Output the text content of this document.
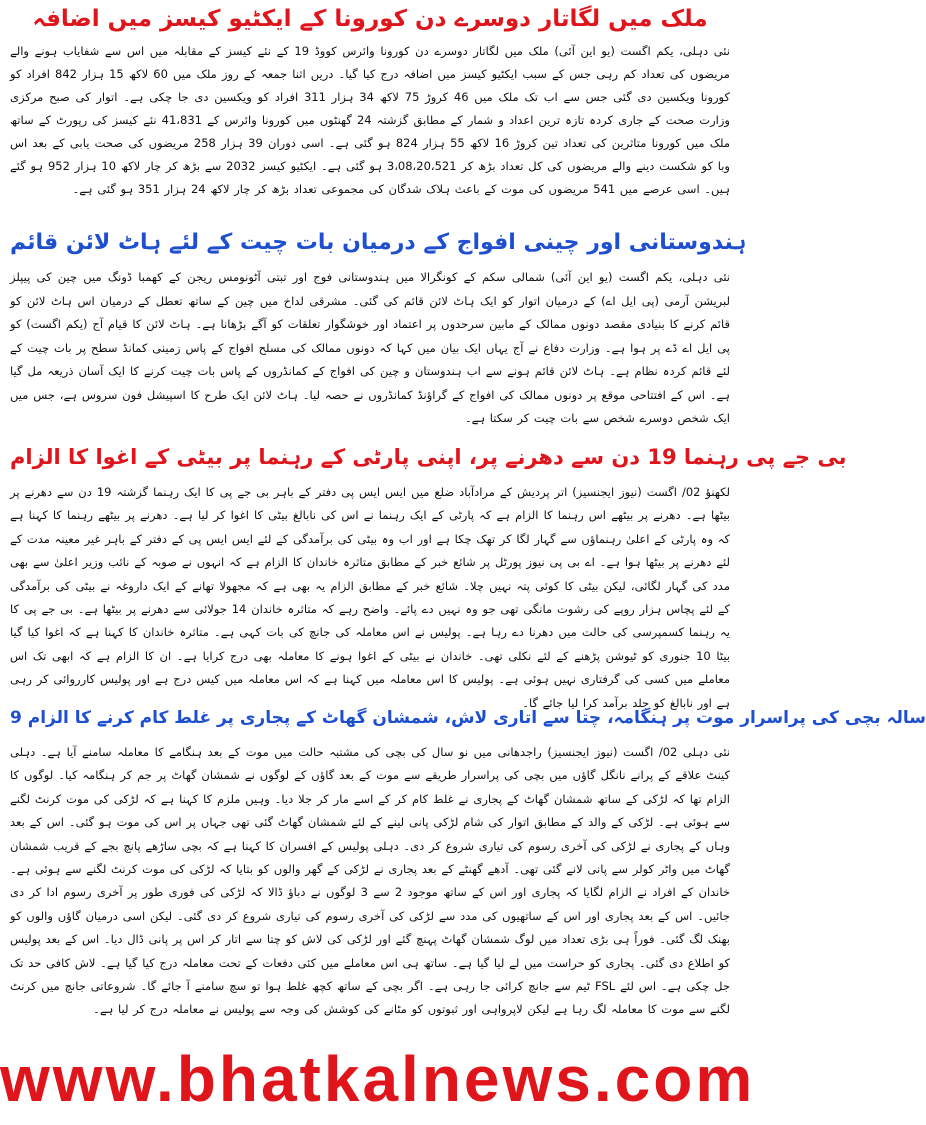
ملک میں لگاتار دوسرے دن کورونا کے ایکٹیو کیسز میں اضافہ

نئی دہلی، یکم اگست (یو این آئی) ملک میں لگاتار دوسرے دن کورونا وائرس کووڈ 19 کے نئے کیسز کے مقابلہ میں اس سے شفایاب ہونے والے مریضوں کی تعداد کم رہی جس کے سبب ایکٹیو کیسز میں اضافہ درج کیا گیا۔ دریں اثنا جمعہ کے روز ملک میں 60 لاکھ 15 ہزار 842 افراد کو کورونا ویکسین دی گئی جس سے اب تک ملک میں 46 کروڑ 75 لاکھ 34 ہزار 311 افراد کو ویکسین دی جا چکی ہے۔ اتوار کی صبح مرکزی وزارت صحت کے جاری کردہ تازہ ترین اعداد و شمار کے مطابق گزشتہ 24 گھنٹوں میں کورونا وائرس کے 41،831 نئے کیسز کی رپورٹ کے ساتھ ملک میں کورونا متاثرین کی تعداد تین کروڑ 16 لاکھ 55 ہزار 824 ہو گئی ہے۔ اسی دوران 39 ہزار 258 مریضوں کی صحت یابی کے بعد اس وبا کو شکست دینے والے مریضوں کی کل تعداد بڑھ کر 3،08،20،521 ہو گئی ہے۔ ایکٹیو کیسز 2032 سے بڑھ کر چار لاکھ 10 ہزار 952 ہو گئے ہیں۔ اسی عرصے میں 541 مریضوں کی موت کے باعث ہلاک شدگان کی مجموعی تعداد بڑھ کر چار لاکھ 24 ہزار 351 ہو گئی ہے۔

ہندوستانی اور چینی افواج کے درمیان بات چیت کے لئے ہاٹ لائن قائم

نئی دہلی، یکم اگست (یو این آئی) شمالی سکم کے کونگرالا میں ہندوستانی فوج اور تبتی آٹونومس ریجن کے کھمبا ڈونگ میں چین کی پیپلز لبریشن آرمی (پی ایل اے) کے درمیان اتوار کو ایک ہاٹ لائن قائم کی گئی۔ مشرقی لداخ میں چین کے ساتھ تعطل کے درمیان اس ہاٹ لائن کو قائم کرنے کا بنیادی مقصد دونوں ممالک کے مابین سرحدوں پر اعتماد اور خوشگوار تعلقات کو آگے بڑھانا ہے۔ ہاٹ لائن کا قیام آج (یکم اگست) کو پی ایل اے ڈے پر ہوا ہے۔ وزارت دفاع نے آج یہاں ایک بیان میں کہا کہ دونوں ممالک کی مسلح افواج کے پاس زمینی کمانڈ سطح پر بات چیت کے لئے قائم کردہ نظام ہے۔ ہاٹ لائن قائم ہونے سے اب ہندوستان و چین کی افواج کے کمانڈروں کے پاس بات چیت کرنے کا ایک آسان ذریعہ مل گیا ہے۔ اس کے افتتاحی موقع پر دونوں ممالک کی افواج کے گراؤنڈ کمانڈروں نے حصہ لیا۔ ہاٹ لائن ایک طرح کا اسپیشل فون سروس ہے، جس میں ایک شخص دوسرے شخص سے بات چیت کر سکتا ہے۔

بی جے پی رہنما 19 دن سے دھرنے پر، اپنی پارٹی کے رہنما پر بیٹی کے اغوا کا الزام

لکھنؤ 02/ اگست (نیوز ایجنسیز) اتر پردیش کے مرادآباد ضلع میں ایس ایس پی دفتر کے باہر بی جے پی کا ایک رہنما گزشتہ 19 دن سے دھرنے پر بیٹھا ہے۔ دھرنے پر بیٹھے اس رہنما کا الزام ہے کہ پارٹی کے ایک رہنما نے اس کی نابالغ بیٹی کا اغوا کر لیا ہے۔ دھرنے پر بیٹھے رہنما کا کہنا ہے کہ وہ پارٹی کے اعلیٰ رہنماؤں سے گہار لگا کر تھک چکا ہے اور اب وہ بیٹی کی برآمدگی کے لئے ایس ایس پی کے دفتر کے باہر غیر معینہ مدت کے لئے دھرنے پر بیٹھا ہوا ہے۔ اے بی پی نیوز پورٹل پر شائع خبر کے مطابق متاثرہ خاندان کا الزام ہے کہ انہوں نے صوبہ کے نائب وزیر اعلیٰ سے بھی مدد کی گہار لگائی، لیکن بیٹی کا کوئی پتہ نہیں چلا۔ شائع خبر کے مطابق الزام یہ بھی ہے کہ مجھولا تھانے کے ایک داروغہ نے بیٹی کی برآمدگی کے لئے پچاس ہزار روپے کی رشوت مانگی تھی جو وہ نہیں دے پائے۔ واضح رہے کہ متاثرہ خاندان 14 جولائی سے دھرنے پر بیٹھا ہے۔ بی جے پی کا یہ رہنما کسمپرسی کی حالت میں دھرنا دے رہا ہے۔ پولیس نے اس معاملہ کی جانچ کی بات کہی ہے۔ متاثرہ خاندان کا کہنا ہے کہ اغوا کیا گیا بیٹا 10 جنوری کو ٹیوشن پڑھنے کے لئے نکلی تھی۔ خاندان نے بیٹی کے اغوا ہونے کا معاملہ بھی درج کرایا ہے۔ ان کا الزام ہے کہ ابھی تک اس معاملے میں کسی کی گرفتاری نہیں ہوئی ہے۔ پولیس کا اس معاملہ میں کہنا ہے کہ اس معاملہ میں کیس درج ہے اور پولیس کارروائی کر رہی ہے اور نابالغ کو جلد برآمد کرا لیا جائے گا۔

9 سالہ بچی کی پراسرار موت پر ہنگامہ، چتا سے اتاری لاش، شمشان گھاٹ کے پجاری پر غلط کام کرنے کا الزام

نئی دہلی 02/ اگست (نیوز ایجنسیز) راجدھانی میں نو سال کی بچی کی مشتبہ حالت میں موت کے بعد ہنگامے کا معاملہ سامنے آیا ہے۔ دہلی کینٹ علاقے کے پرانے نانگل گاؤں میں بچی کی پراسرار طریقے سے موت کے بعد گاؤں کے لوگوں نے شمشان گھاٹ پر جم کر ہنگامہ کیا۔ لوگوں کا الزام تھا کہ لڑکی کے ساتھ شمشان گھاٹ کے پجاری نے غلط کام کر کے اسے مار کر جلا دیا۔ وہیں ملزم کا کہنا ہے کہ لڑکی کی موت کرنٹ لگنے سے ہوئی ہے۔ لڑکی کے والد کے مطابق اتوار کی شام لڑکی پانی لینے کے لئے شمشان گھاٹ گئی تھی جہاں پر اس کی موت ہو گئی۔ اس کے بعد وہاں کے پجاری نے لڑکی کی آخری رسوم کی تیاری شروع کر دی۔ دہلی پولیس کے افسران کا کہنا ہے کہ بچی ساڑھے پانچ بجے کے قریب شمشان گھاٹ میں واٹر کولر سے پانی لانے گئی تھی۔ آدھے گھنٹے کے بعد پجاری نے لڑکی کے گھر والوں کو بتایا کہ لڑکی کی موت کرنٹ لگنے سے ہوئی ہے۔ خاندان کے افراد نے الزام لگایا کہ پجاری اور اس کے ساتھ موجود 2 سے 3 لوگوں نے دباؤ ڈالا کہ لڑکی کی فوری طور پر آخری رسوم ادا کر دی جائیں۔ اس کے بعد پجاری اور اس کے ساتھیوں کی مدد سے لڑکی کی آخری رسوم کی تیاری شروع کر دی گئی۔ لیکن اسی درمیان گاؤں والوں کو بھنک لگ گئی۔ فوراً ہی بڑی تعداد میں لوگ شمشان گھاٹ پہنچ گئے اور لڑکی کی لاش کو چتا سے اتار کر اس پر پانی ڈال دیا۔ اس کے بعد پولیس کو اطلاع دی گئی۔ پجاری کو حراست میں لے لیا گیا ہے۔ ساتھ ہی اس معاملے میں کئی دفعات کے تحت معاملہ درج کیا گیا ہے۔ لاش کافی حد تک جل چکی ہے۔ اس لئے FSL ٹیم سے جانچ کرائی جا رہی ہے۔ اگر بچی کے ساتھ کچھ غلط ہوا تو سچ سامنے آ جائے گا۔ شروعاتی جانچ میں کرنٹ لگنے سے موت کا معاملہ لگ رہا ہے لیکن لاپرواہی اور ثبوتوں کو مٹانے کی کوشش کی وجہ سے پولیس نے معاملہ درج کر لیا ہے۔

www.bhatkalnews.com
